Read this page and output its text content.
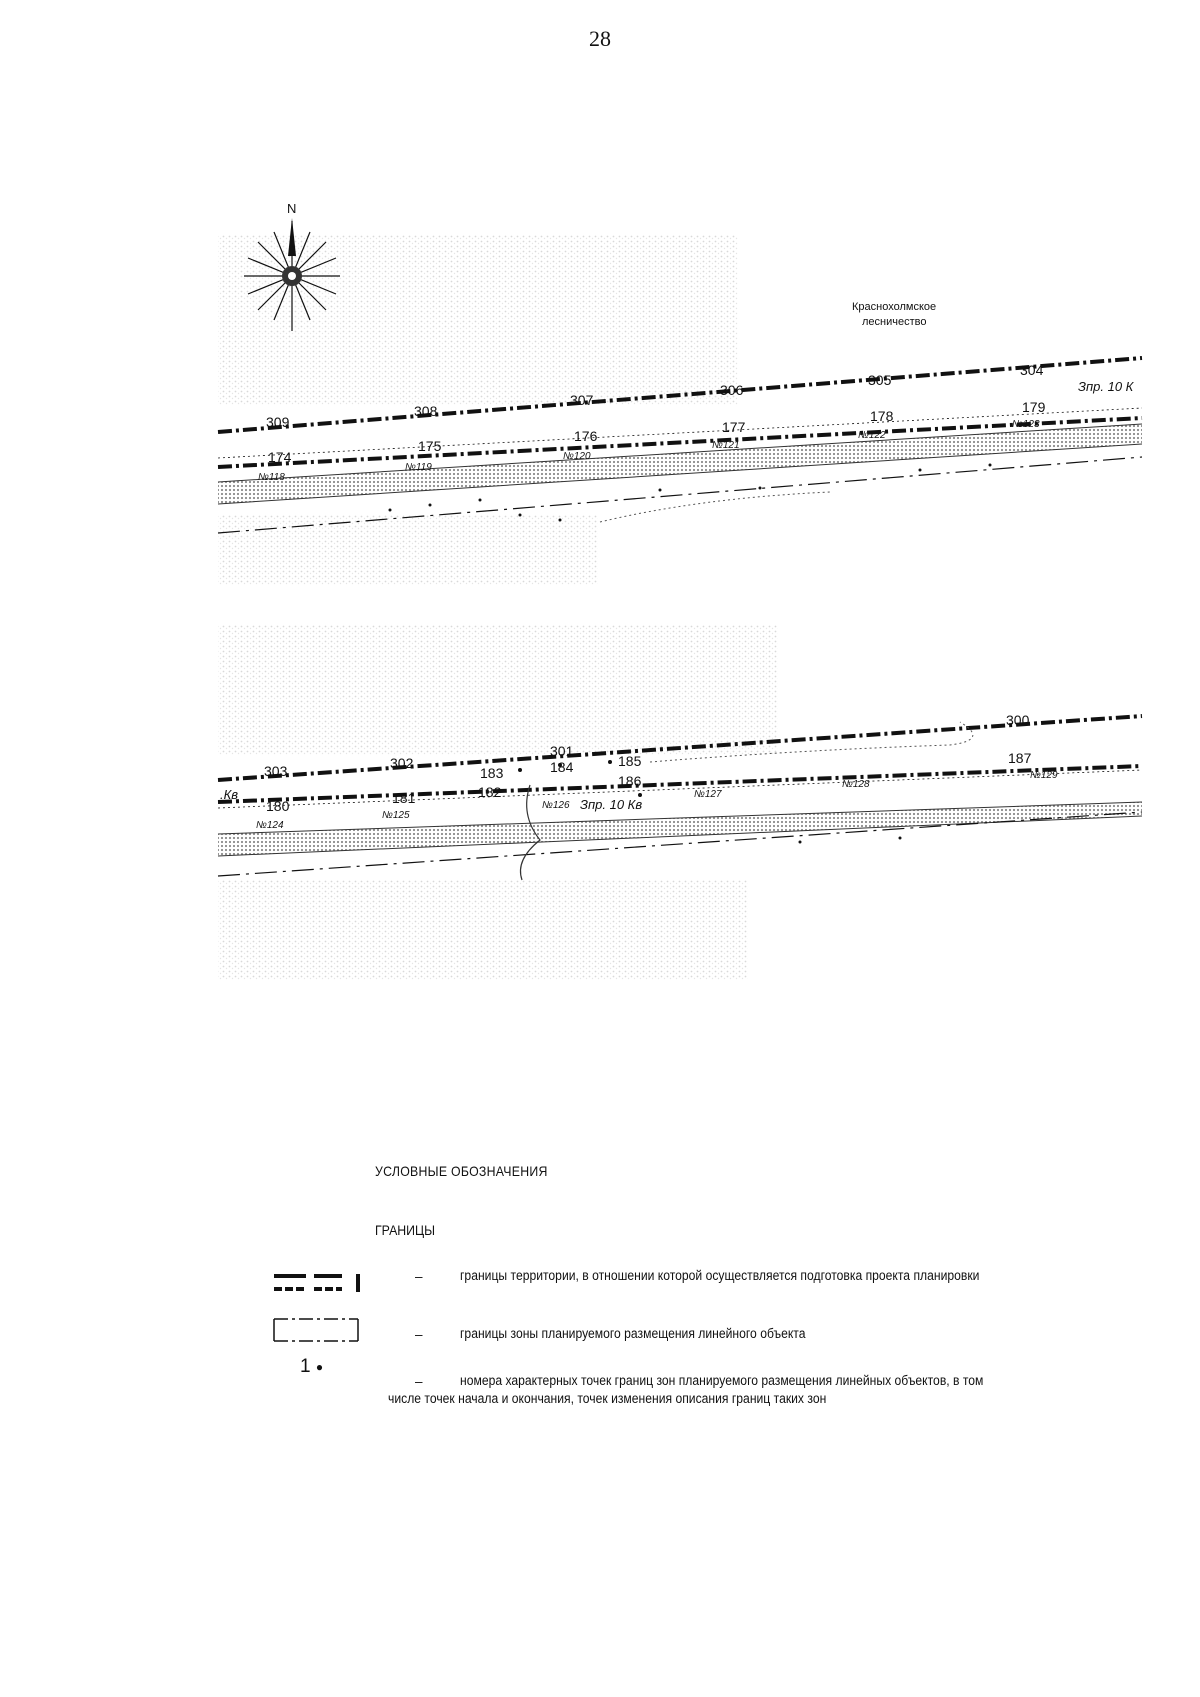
28
N
Краснохолмское
лесничество
309
308
307
306
305
304
174
175
176
177
178
179
№118
№119
№120
№121
№122
№123
Зпр. 10 К
303	302
301
300
183	184	185
180	181	182
186
187
№124
№125
№126
№127
№128
№129
Зпр. 10 Кв
.Кв
УСЛОВНЫЕ ОБОЗНАЧЕНИЯ
ГРАНИЦЫ
–	границы территории, в отношении которой осуществляется подготовка проекта планировки
–	границы зоны планируемого размещения линейного объекта
1 ●
–	номера характерных точек границ зон планируемого размещения линейных объектов, в том числе точек начала и окончания, точек изменения описания границ таких зон
